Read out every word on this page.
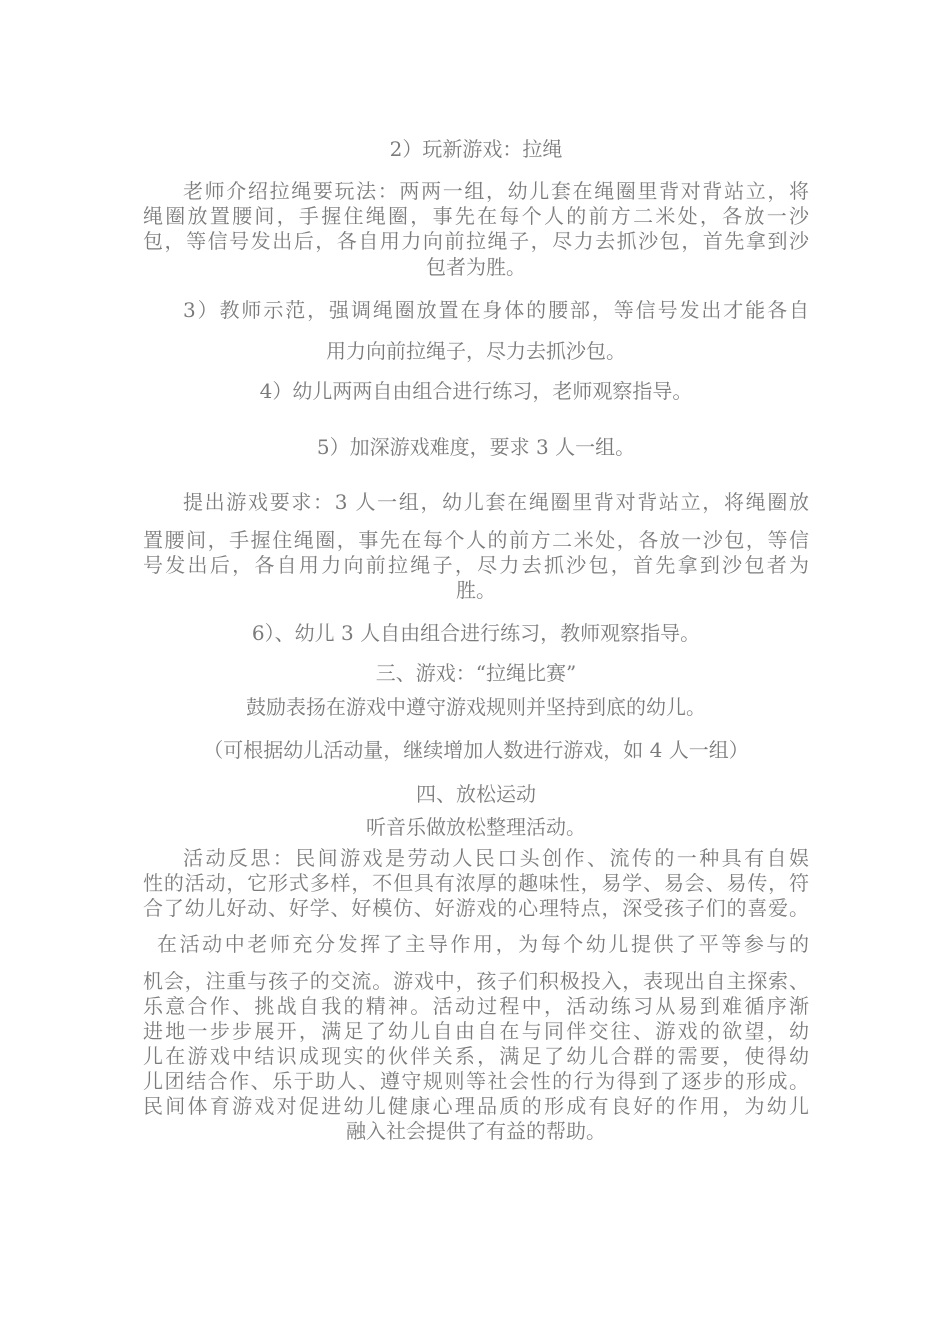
2）玩新游戏：拉绳
老师介绍拉绳要玩法：两两一组，幼儿套在绳圈里背对背站立，将
绳圈放置腰间，手握住绳圈，事先在每个人的前方二米处，各放一沙
包，等信号发出后，各自用力向前拉绳子，尽力去抓沙包，首先拿到沙
包者为胜。
3）教师示范，强调绳圈放置在身体的腰部，等信号发出才能各自
用力向前拉绳子，尽力去抓沙包。
4）幼儿两两自由组合进行练习，老师观察指导。
5）加深游戏难度，要求 3 人一组。
提出游戏要求：3 人一组，幼儿套在绳圈里背对背站立，将绳圈放
置腰间，手握住绳圈，事先在每个人的前方二米处，各放一沙包，等信
号发出后，各自用力向前拉绳子，尽力去抓沙包，首先拿到沙包者为
胜。
6）、幼儿 3 人自由组合进行练习，教师观察指导。
三、游戏：“拉绳比赛”
鼓励表扬在游戏中遵守游戏规则并坚持到底的幼儿。
（可根据幼儿活动量，继续增加人数进行游戏，如 4 人一组）
四、放松运动
听音乐做放松整理活动。
活动反思：民间游戏是劳动人民口头创作、流传的一种具有自娱
性的活动，它形式多样，不但具有浓厚的趣味性，易学、易会、易传，符
合了幼儿好动、好学、好模仿、好游戏的心理特点，深受孩子们的喜爱。
在活动中老师充分发挥了主导作用，为每个幼儿提供了平等参与的
机会，注重与孩子的交流。游戏中，孩子们积极投入，表现出自主探索、
乐意合作、挑战自我的精神。活动过程中，活动练习从易到难循序渐
进地一步步展开，满足了幼儿自由自在与同伴交往、游戏的欲望，幼
儿在游戏中结识成现实的伙伴关系，满足了幼儿合群的需要，使得幼
儿团结合作、乐于助人、遵守规则等社会性的行为得到了逐步的形成。
民间体育游戏对促进幼儿健康心理品质的形成有良好的作用，为幼儿
融入社会提供了有益的帮助。
